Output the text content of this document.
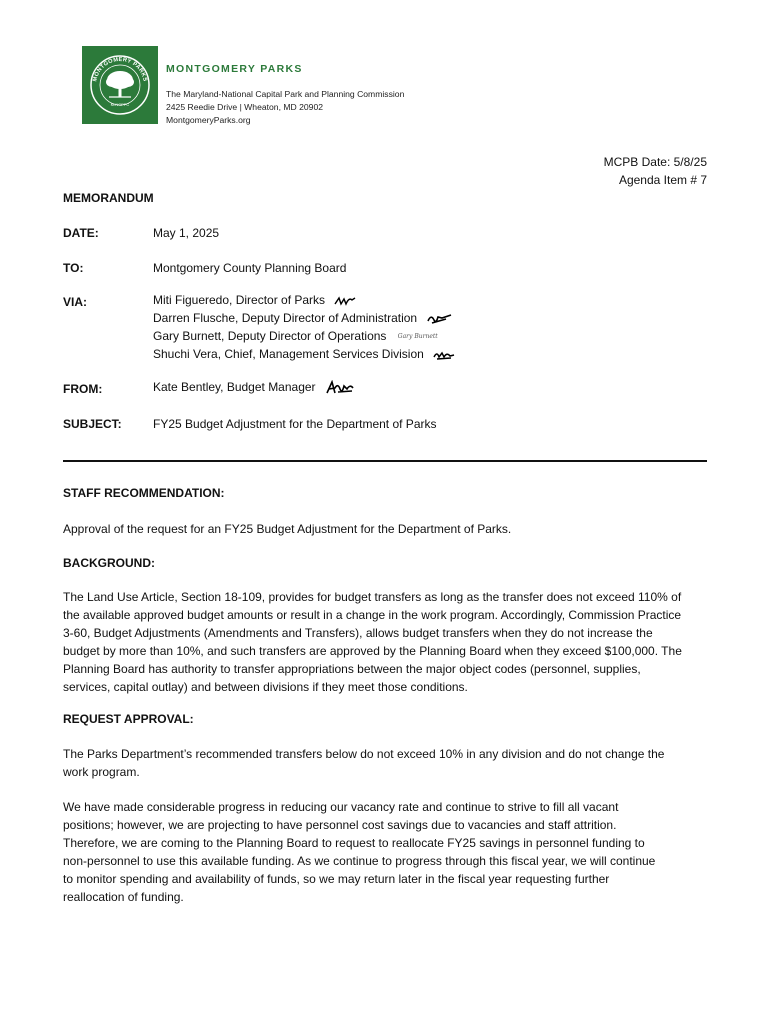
MONTGOMERY PARKS
M-NCPPC
MONTGOMERY PARKS
The Maryland-National Capital Park and Planning Commission
2425 Reedie Drive | Wheaton, MD 20902
MontgomeryParks.org
MCPB Date: 5/8/25
Agenda Item # 7
MEMORANDUM
DATE:	May 1, 2025
TO:	Montgomery County Planning Board
VIA:	Miti Figueredo, Director of Parks
Darren Flusche, Deputy Director of Administration
Gary Burnett, Deputy Director of Operations Gary Burnett
Shuchi Vera, Chief, Management Services Division
FROM:	Kate Bentley, Budget Manager
SUBJECT:	FY25 Budget Adjustment for the Department of Parks
STAFF RECOMMENDATION:
Approval of the request for an FY25 Budget Adjustment for the Department of Parks.
BACKGROUND:
The Land Use Article, Section 18-109, provides for budget transfers as long as the transfer does not exceed 110% of
the available approved budget amounts or result in a change in the work program. Accordingly, Commission Practice
3-60, Budget Adjustments (Amendments and Transfers), allows budget transfers when they do not increase the
budget by more than 10%, and such transfers are approved by the Planning Board when they exceed $100,000. The
Planning Board has authority to transfer appropriations between the major object codes (personnel, supplies,
services, capital outlay) and between divisions if they meet those conditions.
REQUEST APPROVAL:
The Parks Department’s recommended transfers below do not exceed 10% in any division and do not change the
work program.
We have made considerable progress in reducing our vacancy rate and continue to strive to fill all vacant
positions; however, we are projecting to have personnel cost savings due to vacancies and staff attrition.
Therefore, we are coming to the Planning Board to request to reallocate FY25 savings in personnel funding to
non-personnel to use this available funding. As we continue to progress through this fiscal year, we will continue
to monitor spending and availability of funds, so we may return later in the fiscal year requesting further
reallocation of funding.
